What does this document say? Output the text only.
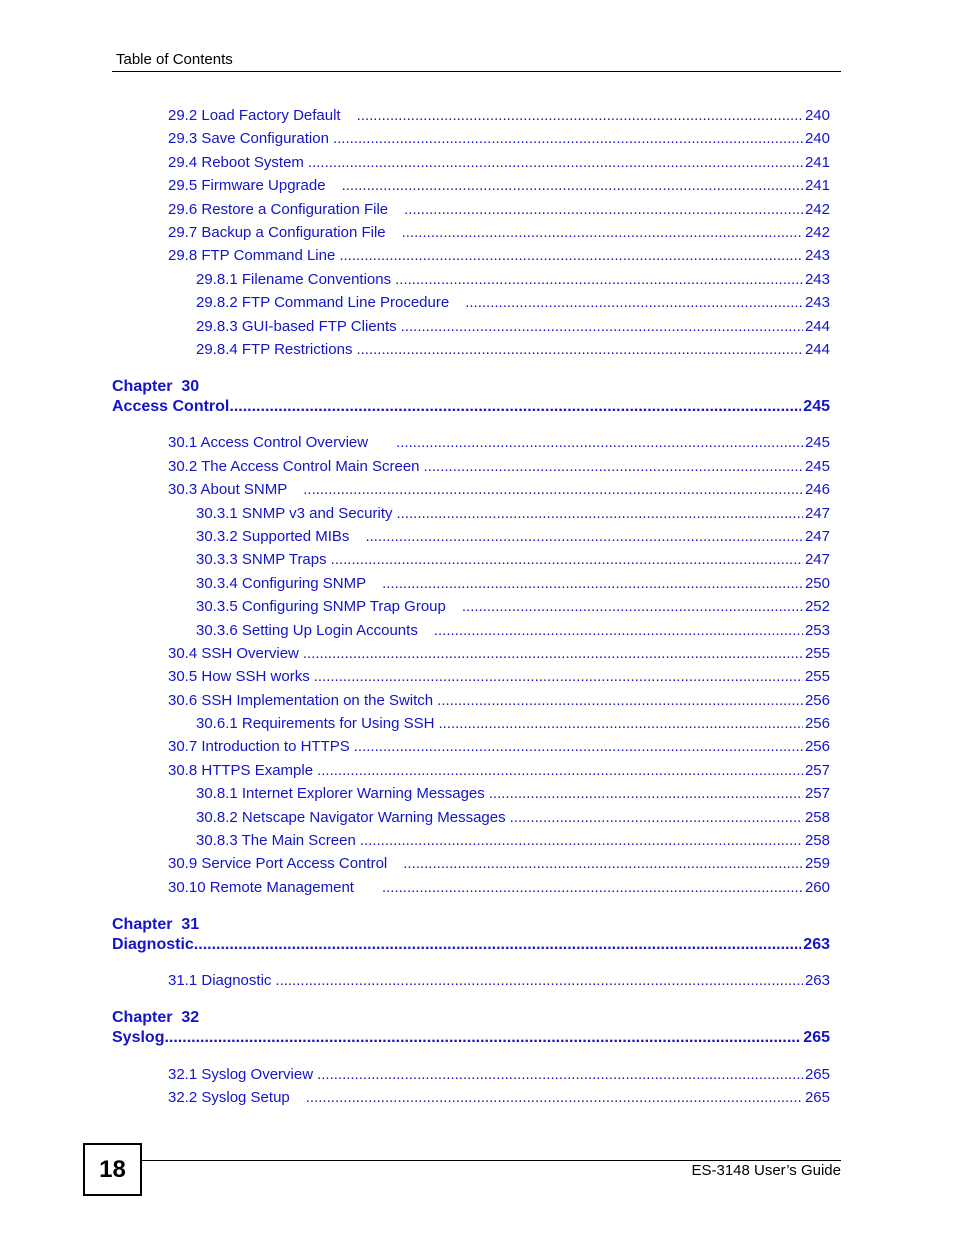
Table of Contents
29.2 Load Factory Default .....	240
29.3 Save Configuration .....	240
29.4 Reboot System .....	241
29.5 Firmware Upgrade .....	241
29.6 Restore a Configuration File .....	242
29.7 Backup a Configuration File .....	242
29.8 FTP Command Line .....	243
29.8.1 Filename Conventions .....	243
29.8.2 FTP Command Line Procedure .....	243
29.8.3 GUI-based FTP Clients .....	244
29.8.4 FTP Restrictions .....	244
Chapter  30
Access Control .....	245
30.1 Access Control Overview .....	245
30.2 The Access Control Main Screen .....	245
30.3 About SNMP .....	246
30.3.1 SNMP v3 and Security .....	247
30.3.2 Supported MIBs .....	247
30.3.3 SNMP Traps .....	247
30.3.4 Configuring SNMP .....	250
30.3.5 Configuring SNMP Trap Group .....	252
30.3.6 Setting Up Login Accounts .....	253
30.4 SSH Overview .....	255
30.5 How SSH works .....	255
30.6 SSH Implementation on the Switch .....	256
30.6.1 Requirements for Using SSH .....	256
30.7 Introduction to HTTPS .....	256
30.8 HTTPS Example .....	257
30.8.1 Internet Explorer Warning Messages .....	257
30.8.2 Netscape Navigator Warning Messages .....	258
30.8.3 The Main Screen .....	258
30.9 Service Port Access Control .....	259
30.10 Remote Management .....	260
Chapter  31
Diagnostic .....	263
31.1 Diagnostic .....	263
Chapter  32
Syslog .....	265
32.1 Syslog Overview .....	265
32.2 Syslog Setup .....	265
18	ES-3148 User’s Guide
